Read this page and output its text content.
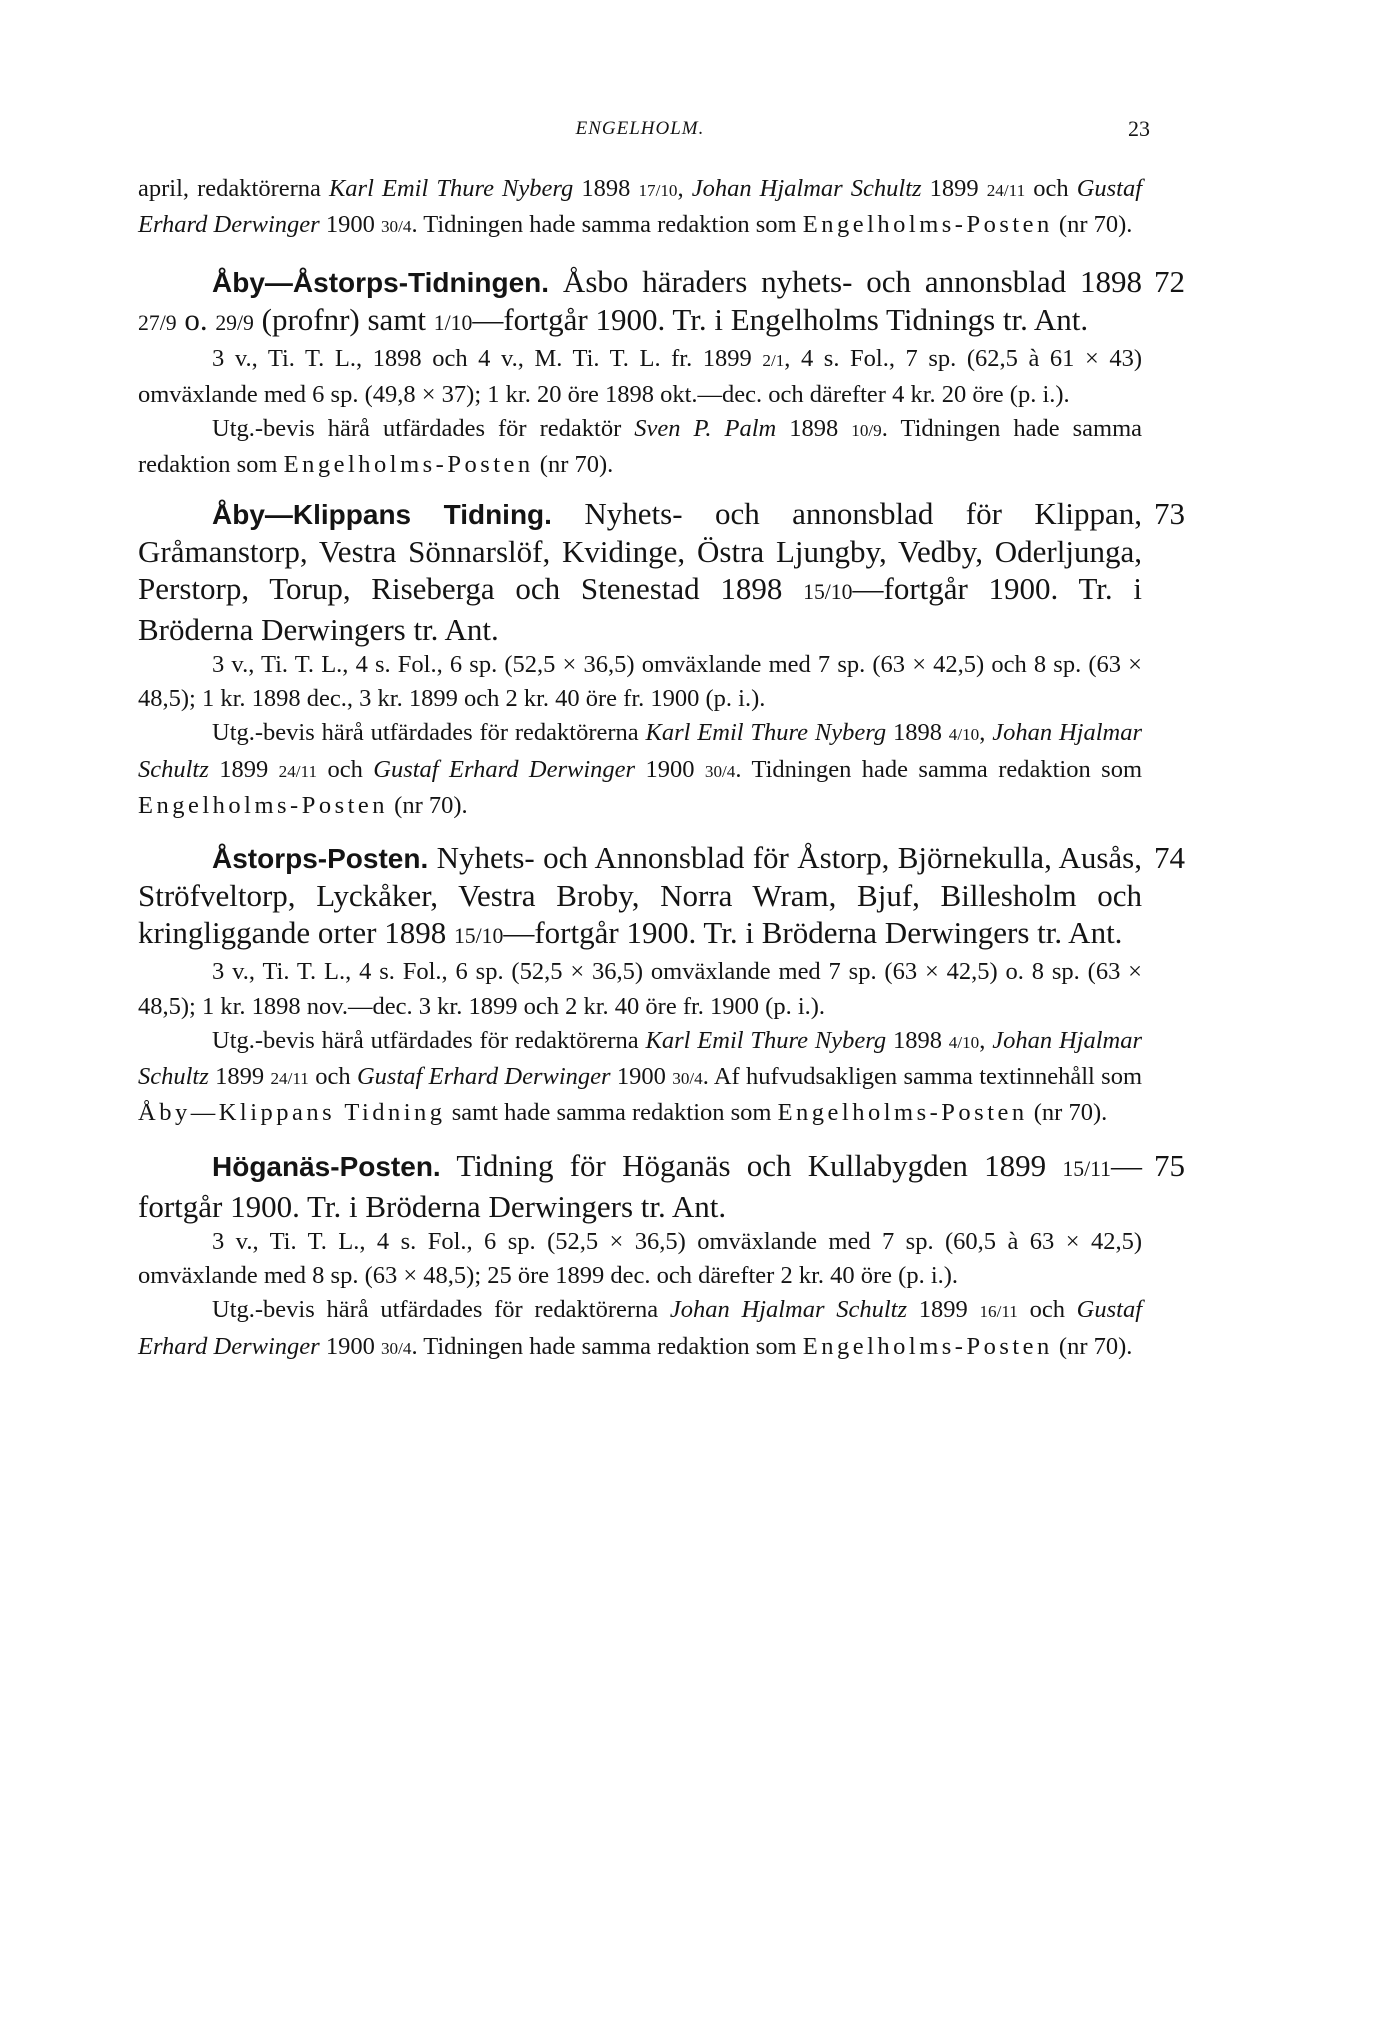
ENGELHOLM.	23

april, redaktörerna Karl Emil Thure Nyberg 1898 17/10, Johan Hjalmar Schultz 1899 24/11 och Gustaf Erhard Derwinger 1900 30/4. Tidningen hade samma redaktion som Engelholms-Posten (nr 70).

Åby—Åstorps-Tidningen. Åsbo häraders nyhets- och annonsblad 1898 27/9 o. 29/9 (profnr) samt 1/10—fortgår 1900. Tr. i Engelholms Tidnings tr. Ant.
72

3 v., Ti. T. L., 1898 och 4 v., M. Ti. T. L. fr. 1899 2/1, 4 s. Fol., 7 sp. (62,5 à 61 × 43) omväxlande med 6 sp. (49,8 × 37); 1 kr. 20 öre 1898 okt.—dec. och därefter 4 kr. 20 öre (p. i.).

Utg.-bevis härå utfärdades för redaktör Sven P. Palm 1898 10/9. Tidningen hade samma redaktion som Engelholms-Posten (nr 70).

Åby—Klippans Tidning. Nyhets- och annonsblad för Klippan, Gråmanstorp, Vestra Sönnarslöf, Kvidinge, Östra Ljungby, Vedby, Oderljunga, Perstorp, Torup, Riseberga och Stenestad 1898 15/10—fortgår 1900. Tr. i Bröderna Derwingers tr. Ant.
73

3 v., Ti. T. L., 4 s. Fol., 6 sp. (52,5 × 36,5) omväxlande med 7 sp. (63 × 42,5) och 8 sp. (63 × 48,5); 1 kr. 1898 dec., 3 kr. 1899 och 2 kr. 40 öre fr. 1900 (p. i.).

Utg.-bevis härå utfärdades för redaktörerna Karl Emil Thure Nyberg 1898 4/10, Johan Hjalmar Schultz 1899 24/11 och Gustaf Erhard Derwinger 1900 30/4. Tidningen hade samma redaktion som Engelholms-Posten (nr 70).

Åstorps-Posten. Nyhets- och Annonsblad för Åstorp, Björnekulla, Ausås, Ströfveltorp, Lyckåker, Vestra Broby, Norra Wram, Bjuf, Billesholm och kringliggande orter 1898 15/10—fortgår 1900. Tr. i Bröderna Derwingers tr. Ant.
74

3 v., Ti. T. L., 4 s. Fol., 6 sp. (52,5 × 36,5) omväxlande med 7 sp. (63 × 42,5) o. 8 sp. (63 × 48,5); 1 kr. 1898 nov.—dec. 3 kr. 1899 och 2 kr. 40 öre fr. 1900 (p. i.).

Utg.-bevis härå utfärdades för redaktörerna Karl Emil Thure Nyberg 1898 4/10, Johan Hjalmar Schultz 1899 24/11 och Gustaf Erhard Derwinger 1900 30/4. Af hufvudsakligen samma textinnehåll som Åby—Klippans Tidning samt hade samma redaktion som Engelholms-Posten (nr 70).

Höganäs-Posten. Tidning för Höganäs och Kullabygden 1899 15/11—fortgår 1900. Tr. i Bröderna Derwingers tr. Ant.
75

3 v., Ti. T. L., 4 s. Fol., 6 sp. (52,5 × 36,5) omväxlande med 7 sp. (60,5 à 63 × 42,5) omväxlande med 8 sp. (63 × 48,5); 25 öre 1899 dec. och därefter 2 kr. 40 öre (p. i.).

Utg.-bevis härå utfärdades för redaktörerna Johan Hjalmar Schultz 1899 16/11 och Gustaf Erhard Derwinger 1900 30/4. Tidningen hade samma redaktion som Engelholms-Posten (nr 70).
